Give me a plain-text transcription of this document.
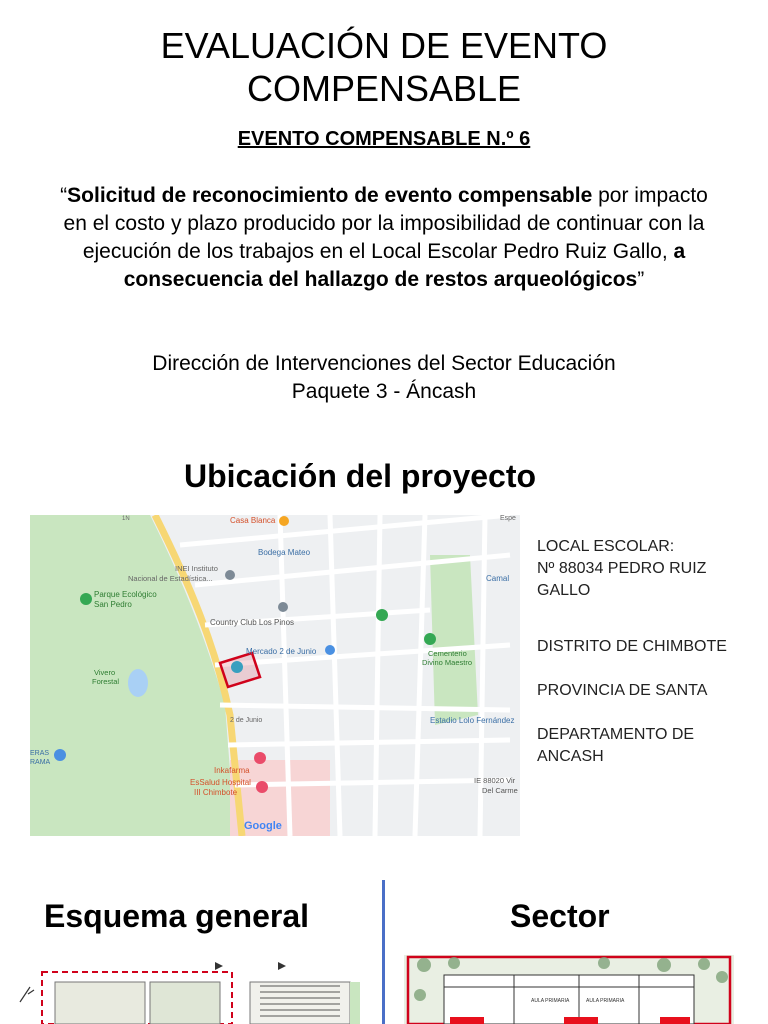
EVALUACIÓN DE EVENTO
COMPENSABLE
EVENTO COMPENSABLE N.º 6
“Solicitud de reconocimiento de evento compensable por impacto en el costo y plazo producido por la imposibilidad de continuar con la ejecución de los trabajos en el Local Escolar Pedro Ruiz Gallo, a consecuencia del hallazgo de restos arqueológicos”
Dirección de Intervenciones del Sector Educación
Paquete 3 - Áncash
Ubicación del proyecto
Casa Blanca
Bodega Mateo
INEI Instituto
Nacional de Estadística...
Parque Ecológico
San Pedro
Country Club Los Pinos
Mercado 2 de Junio
Vivero
Forestal
Cementerio
Divino Maestro
Estadio Lolo Fernández
Camal
1N
2 de Junio
Espe
ERAS
RAMA
Inkafarma
EsSalud Hospital
III Chimbote
IE 88020 Vir
Del Carme
Google

LOCAL ESCOLAR:

Nº 88034 PEDRO RUIZ GALLO

DISTRITO DE CHIMBOTE

PROVINCIA DE SANTA

DEPARTAMENTO DE ANCASH

Esquema general	Sector
AULA PRIMARIA	AULA PRIMARIA
